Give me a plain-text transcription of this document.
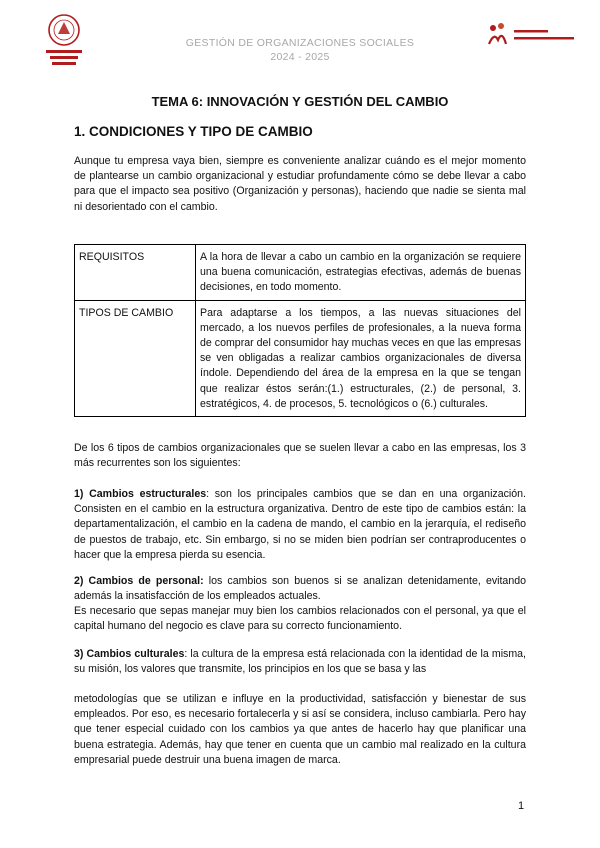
GESTIÓN DE ORGANIZACIONES SOCIALES
2024 - 2025
TEMA 6: INNOVACIÓN Y GESTIÓN DEL CAMBIO
1. CONDICIONES Y TIPO DE CAMBIO
Aunque tu empresa vaya bien, siempre es conveniente analizar cuándo es el mejor momento de plantearse un cambio organizacional y estudiar profundamente cómo se debe llevar a cabo para que el impacto sea positivo (Organización y personas), haciendo que nadie se sienta mal ni desorientado con el cambio.
REQUISITOS	A la hora de llevar a cabo un cambio en la organización se requiere una buena comunicación, estrategias efectivas, además de buenas decisiones, en todo momento.
TIPOS DE CAMBIO	Para adaptarse a los tiempos, a las nuevas situaciones del mercado, a los nuevos perfiles de profesionales, a la nueva forma de comprar del consumidor hay muchas veces en que las empresas se ven obligadas a realizar cambios organizacionales de diversa índole. Dependiendo del área de la empresa en la que se tengan que realizar éstos serán:(1.) estructurales, (2.) de personal, 3. estratégicos, 4. de procesos, 5. tecnológicos o (6.) culturales.
De los 6 tipos de cambios organizacionales que se suelen llevar a cabo en las empresas, los 3 más recurrentes son los siguientes:
1) Cambios estructurales: son los principales cambios que se dan en una organización. Consisten en el cambio en la estructura organizativa. Dentro de este tipo de cambios están: la departamentalización, el cambio en la cadena de mando, el cambio en la jerarquía, el rediseño de puestos de trabajo, etc. Sin embargo, si no se miden bien podrían ser contraproducentes o hacer que la empresa pierda su esencia.
2) Cambios de personal: los cambios son buenos si se analizan detenidamente, evitando además la insatisfacción de los empleados actuales.
Es necesario que sepas manejar muy bien los cambios relacionados con el personal, ya que el capital humano del negocio es clave para su correcto funcionamiento.
3) Cambios culturales: la cultura de la empresa está relacionada con la identidad de la misma, su misión, los valores que transmite, los principios en los que se basa y las
metodologías que se utilizan e influye en la productividad, satisfacción y bienestar de sus empleados. Por eso, es necesario fortalecerla y si así se considera, incluso cambiarla. Pero hay que tener especial cuidado con los cambios ya que antes de hacerlo hay que planificar una buena estrategia. Además, hay que tener en cuenta que un cambio mal realizado en la cultura empresarial puede destruir una buena imagen de marca.
1
